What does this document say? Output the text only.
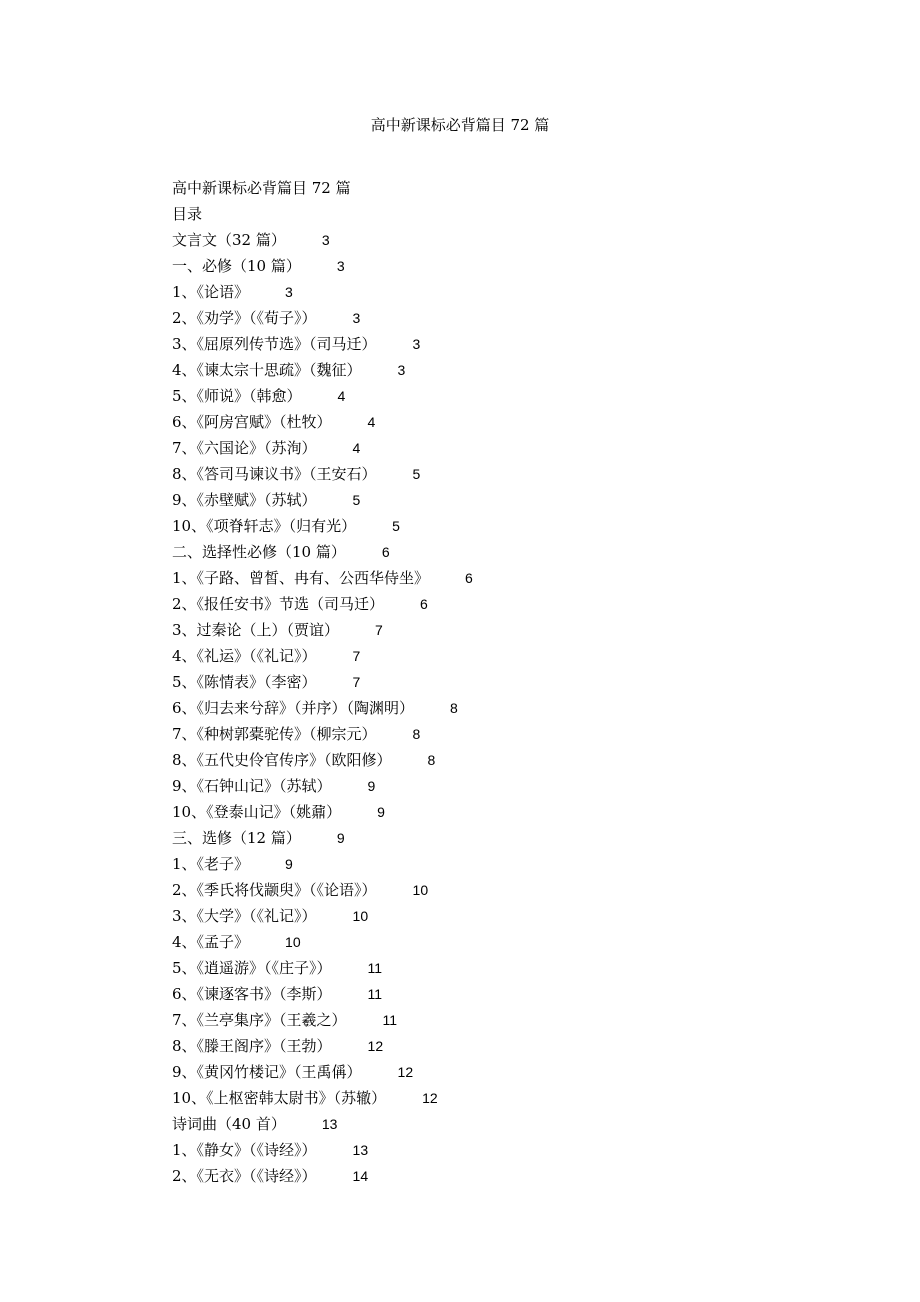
高中新课标必背篇目 72 篇
高中新课标必背篇目 72 篇
目录
文言文（32 篇）	3
一、必修（10 篇）	3
1、《论语》	3
2、《劝学》（《荀子》）	3
3、《屈原列传节选》（司马迁）	3
4、《谏太宗十思疏》（魏征）	3
5、《师说》（韩愈）	4
6、《阿房宫赋》（杜牧）	4
7、《六国论》（苏洵）	4
8、《答司马谏议书》（王安石）	5
9、《赤壁赋》（苏轼）	5
10、《项脊轩志》（归有光）	5
二、选择性必修（10 篇）	6
1、《子路、曾皙、冉有、公西华侍坐》	6
2、《报任安书》节选（司马迁）	6
3、过秦论（上）（贾谊）	7
4、《礼运》（《礼记》）	7
5、《陈情表》（李密）	7
6、《归去来兮辞》（并序）（陶渊明）	8
7、《种树郭橐驼传》（柳宗元）	8
8、《五代史伶官传序》（欧阳修）	8
9、《石钟山记》（苏轼）	9
10、《登泰山记》（姚鼐）	9
三、选修（12 篇）	9
1、《老子》	9
2、《季氏将伐颛臾》（《论语》）	10
3、《大学》（《礼记》）	10
4、《孟子》	10
5、《逍遥游》（《庄子》）	11
6、《谏逐客书》（李斯）	11
7、《兰亭集序》（王羲之）	11
8、《滕王阁序》（王勃）	12
9、《黄冈竹楼记》（王禹偁）	12
10、《上枢密韩太尉书》（苏辙）	12
诗词曲（40 首）	13
1、《静女》（《诗经》）	13
2、《无衣》（《诗经》）	14
